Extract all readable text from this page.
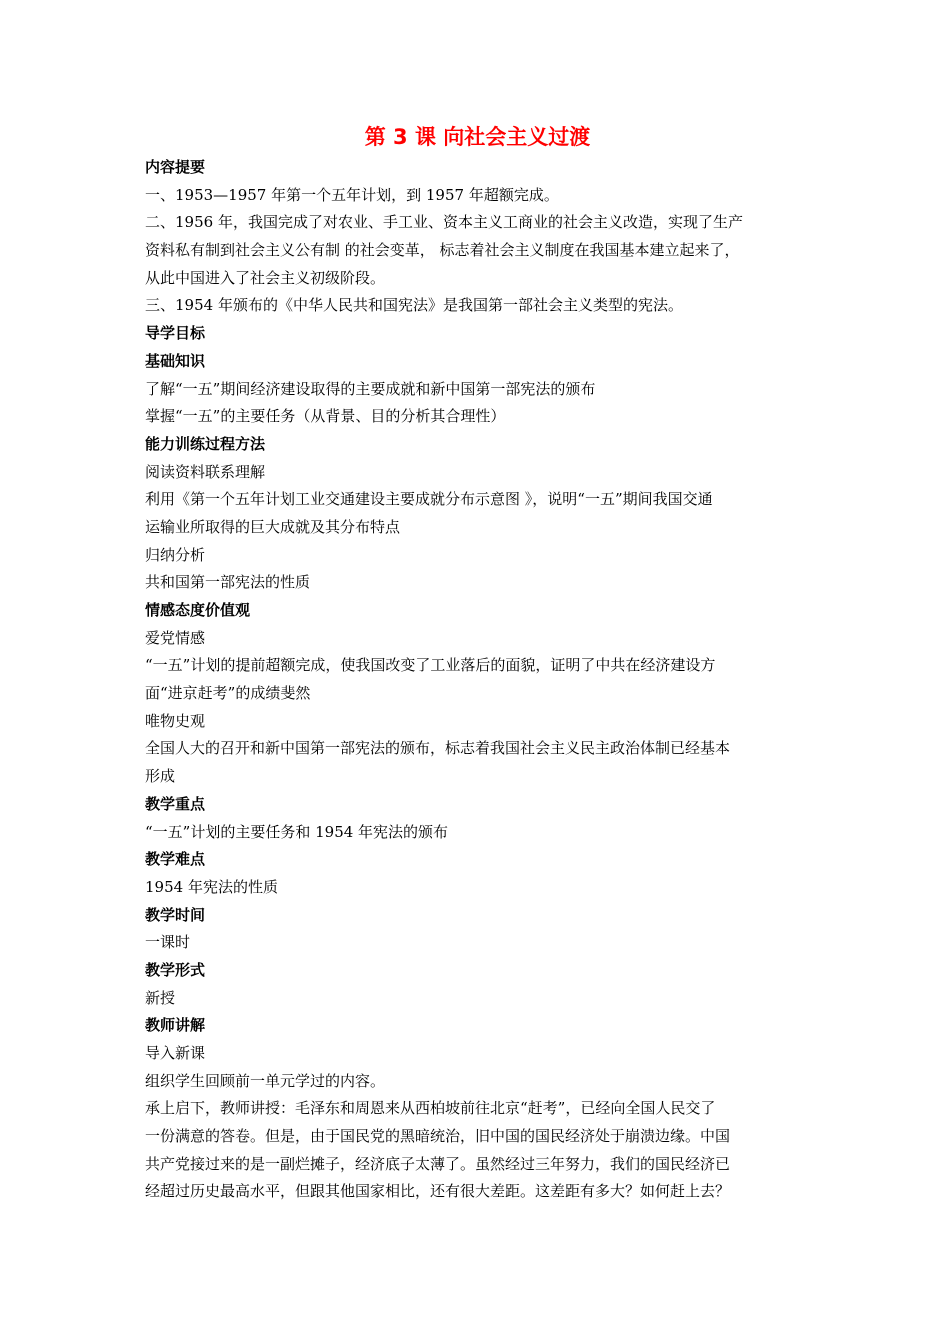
第 3 课 向社会主义过渡
内容提要
一、1953—1957 年第一个五年计划，到 1957 年超额完成。
二、1956 年，我国完成了对农业、手工业、资本主义工商业的社会主义改造，实现了生产
资料私有制到社会主义公有制 的社会变革， 标志着社会主义制度在我国基本建立起来了，
从此中国进入了社会主义初级阶段。
三、1954 年颁布的《中华人民共和国宪法》是我国第一部社会主义类型的宪法。
导学目标
基础知识
了解“一五”期间经济建设取得的主要成就和新中国第一部宪法的颁布
掌握“一五”的主要任务（从背景、目的分析其合理性）
能力训练过程方法
阅读资料联系理解
利用《第一个五年计划工业交通建设主要成就分布示意图 》，说明“一五”期间我国交通
运输业所取得的巨大成就及其分布特点
归纳分析
共和国第一部宪法的性质
情感态度价值观
爱党情感
“一五”计划的提前超额完成，使我国改变了工业落后的面貌，证明了中共在经济建设方
面“进京赶考”的成绩斐然
唯物史观
全国人大的召开和新中国第一部宪法的颁布，标志着我国社会主义民主政治体制已经基本
形成
教学重点
“一五”计划的主要任务和 1954 年宪法的颁布
教学难点
1954 年宪法的性质
教学时间
一课时
教学形式
新授
教师讲解
导入新课
组织学生回顾前一单元学过的内容。
承上启下，教师讲授：毛泽东和周恩来从西柏坡前往北京“赶考”，已经向全国人民交了
一份满意的答卷。但是，由于国民党的黑暗统治，旧中国的国民经济处于崩溃边缘。中国
共产党接过来的是一副烂摊子，经济底子太薄了。虽然经过三年努力，我们的国民经济已
经超过历史最高水平，但跟其他国家相比，还有很大差距。这差距有多大？如何赶上去？
